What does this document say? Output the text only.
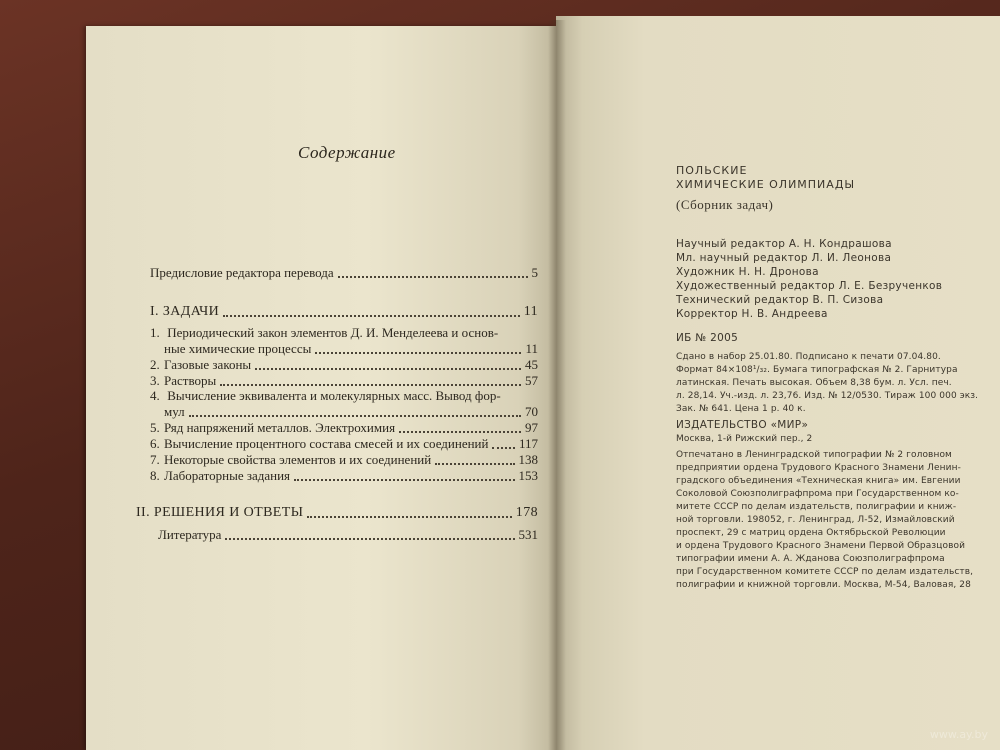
Содержание
Предисловие редактора перевода	5
I. ЗАДАЧИ	11
1. Периодический закон элементов Д. И. Менделеева и основ-
ные химические процессы	11
2. Газовые законы	45
3. Растворы	57
4. Вычисление эквивалента и молекулярных масс. Вывод фор-
мул	70
5. Ряд напряжений металлов. Электрохимия	97
6. Вычисление процентного состава смесей и их соединений 117
7. Некоторые свойства элементов и их соединений	138
8. Лабораторные задания	153
II. РЕШЕНИЯ И ОТВЕТЫ	178
Литература	531
ПОЛЬСКИЕ
ХИМИЧЕСКИЕ ОЛИМПИАДЫ
(Сборник задач)
Научный редактор А. Н. Кондрашова
Мл. научный редактор Л. И. Леонова
Художник Н. Н. Дронова
Художественный редактор Л. Е. Безрученков
Технический редактор В. П. Сизова
Корректор Н. В. Андреева
ИБ № 2005
Сдано в набор 25.01.80. Подписано к печати 07.04.80.
Формат 84×108¹/₃₂. Бумага типографская № 2. Гарнитура
латинская. Печать высокая. Объем 8,38 бум. л. Усл. печ.
л. 28,14. Уч.-изд. л. 23,76. Изд. № 12/0530. Тираж 100 000 экз.
Зак. № 641. Цена 1 р. 40 к.
ИЗДАТЕЛЬСТВО «МИР»
Москва, 1-й Рижский пер., 2
Отпечатано в Ленинградской типографии № 2 головном
предприятии ордена Трудового Красного Знамени Ленин-
градского объединения «Техническая книга» им. Евгении
Соколовой Союзполиграфпрома при Государственном ко-
митете СССР по делам издательств, полиграфии и книж-
ной торговли. 198052, г. Ленинград, Л-52, Измайловский
проспект, 29 с матриц ордена Октябрьской Революции
и ордена Трудового Красного Знамени Первой Образцовой
типографии имени А. А. Жданова Союзполиграфпрома
при Государственном комитете СССР по делам издательств,
полиграфии и книжной торговли. Москва, М-54, Валовая, 28
www.ay.by
